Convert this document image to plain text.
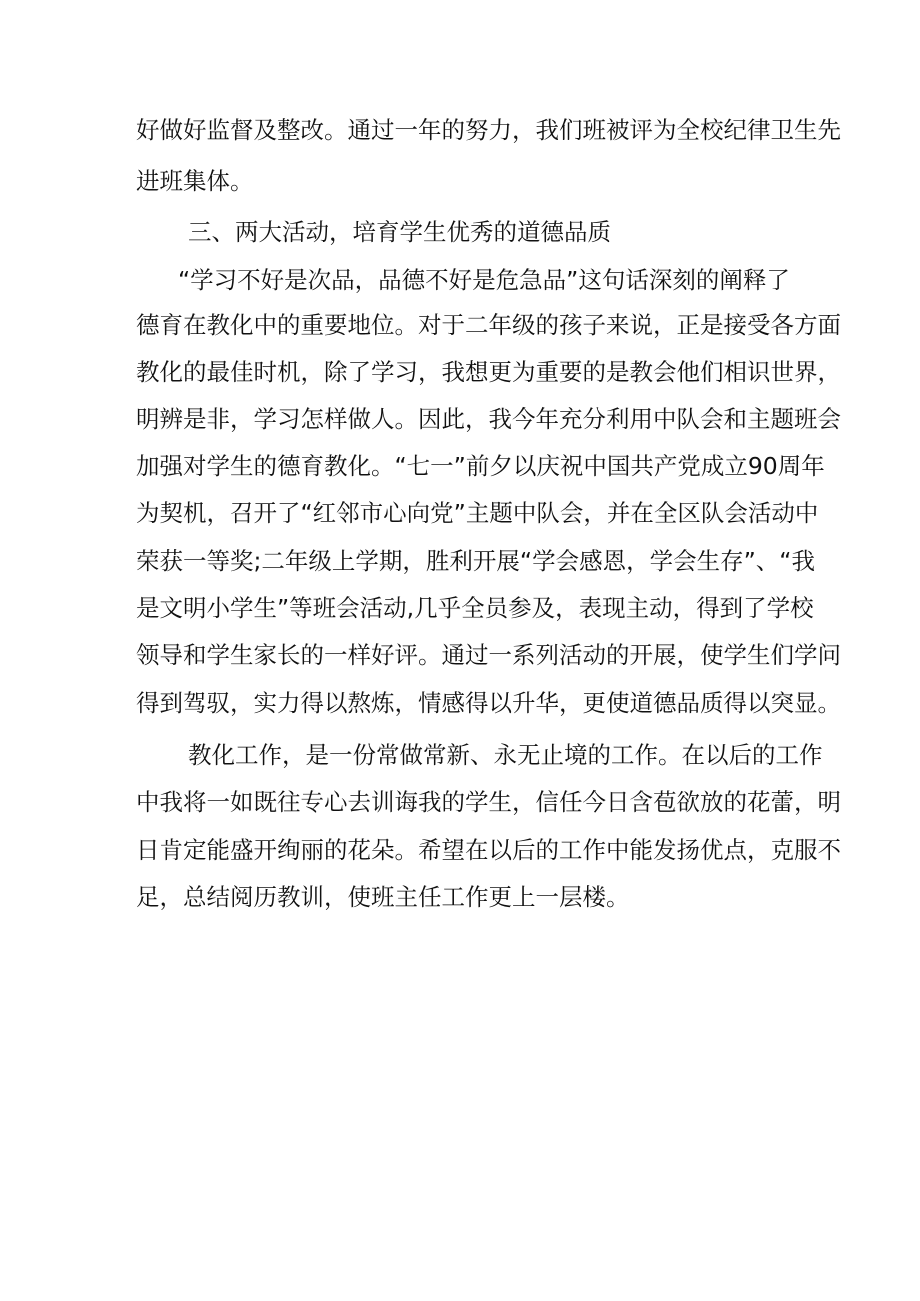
好做好监督及整改。通过一年的努力，我们班被评为全校纪律卫生先
进班集体。
三、两大活动，培育学生优秀的道德品质
“学习不好是次品，品德不好是危急品”这句话深刻的阐释了
德育在教化中的重要地位。对于二年级的孩子来说，正是接受各方面
教化的最佳时机，除了学习，我想更为重要的是教会他们相识世界，
明辨是非，学习怎样做人。因此，我今年充分利用中队会和主题班会
加强对学生的德育教化。“七一”前夕以庆祝中国共产党成立90周年
为契机，召开了“红邻市心向党”主题中队会，并在全区队会活动中
荣获一等奖;二年级上学期，胜利开展“学会感恩，学会生存”、“我
是文明小学生”等班会活动,几乎全员参及，表现主动，得到了学校
领导和学生家长的一样好评。通过一系列活动的开展，使学生们学问
得到驾驭，实力得以熬炼，情感得以升华，更使道德品质得以突显。
教化工作，是一份常做常新、永无止境的工作。在以后的工作
中我将一如既往专心去训诲我的学生，信任今日含苞欲放的花蕾，明
日肯定能盛开绚丽的花朵。希望在以后的工作中能发扬优点，克服不
足，总结阅历教训，使班主任工作更上一层楼。
